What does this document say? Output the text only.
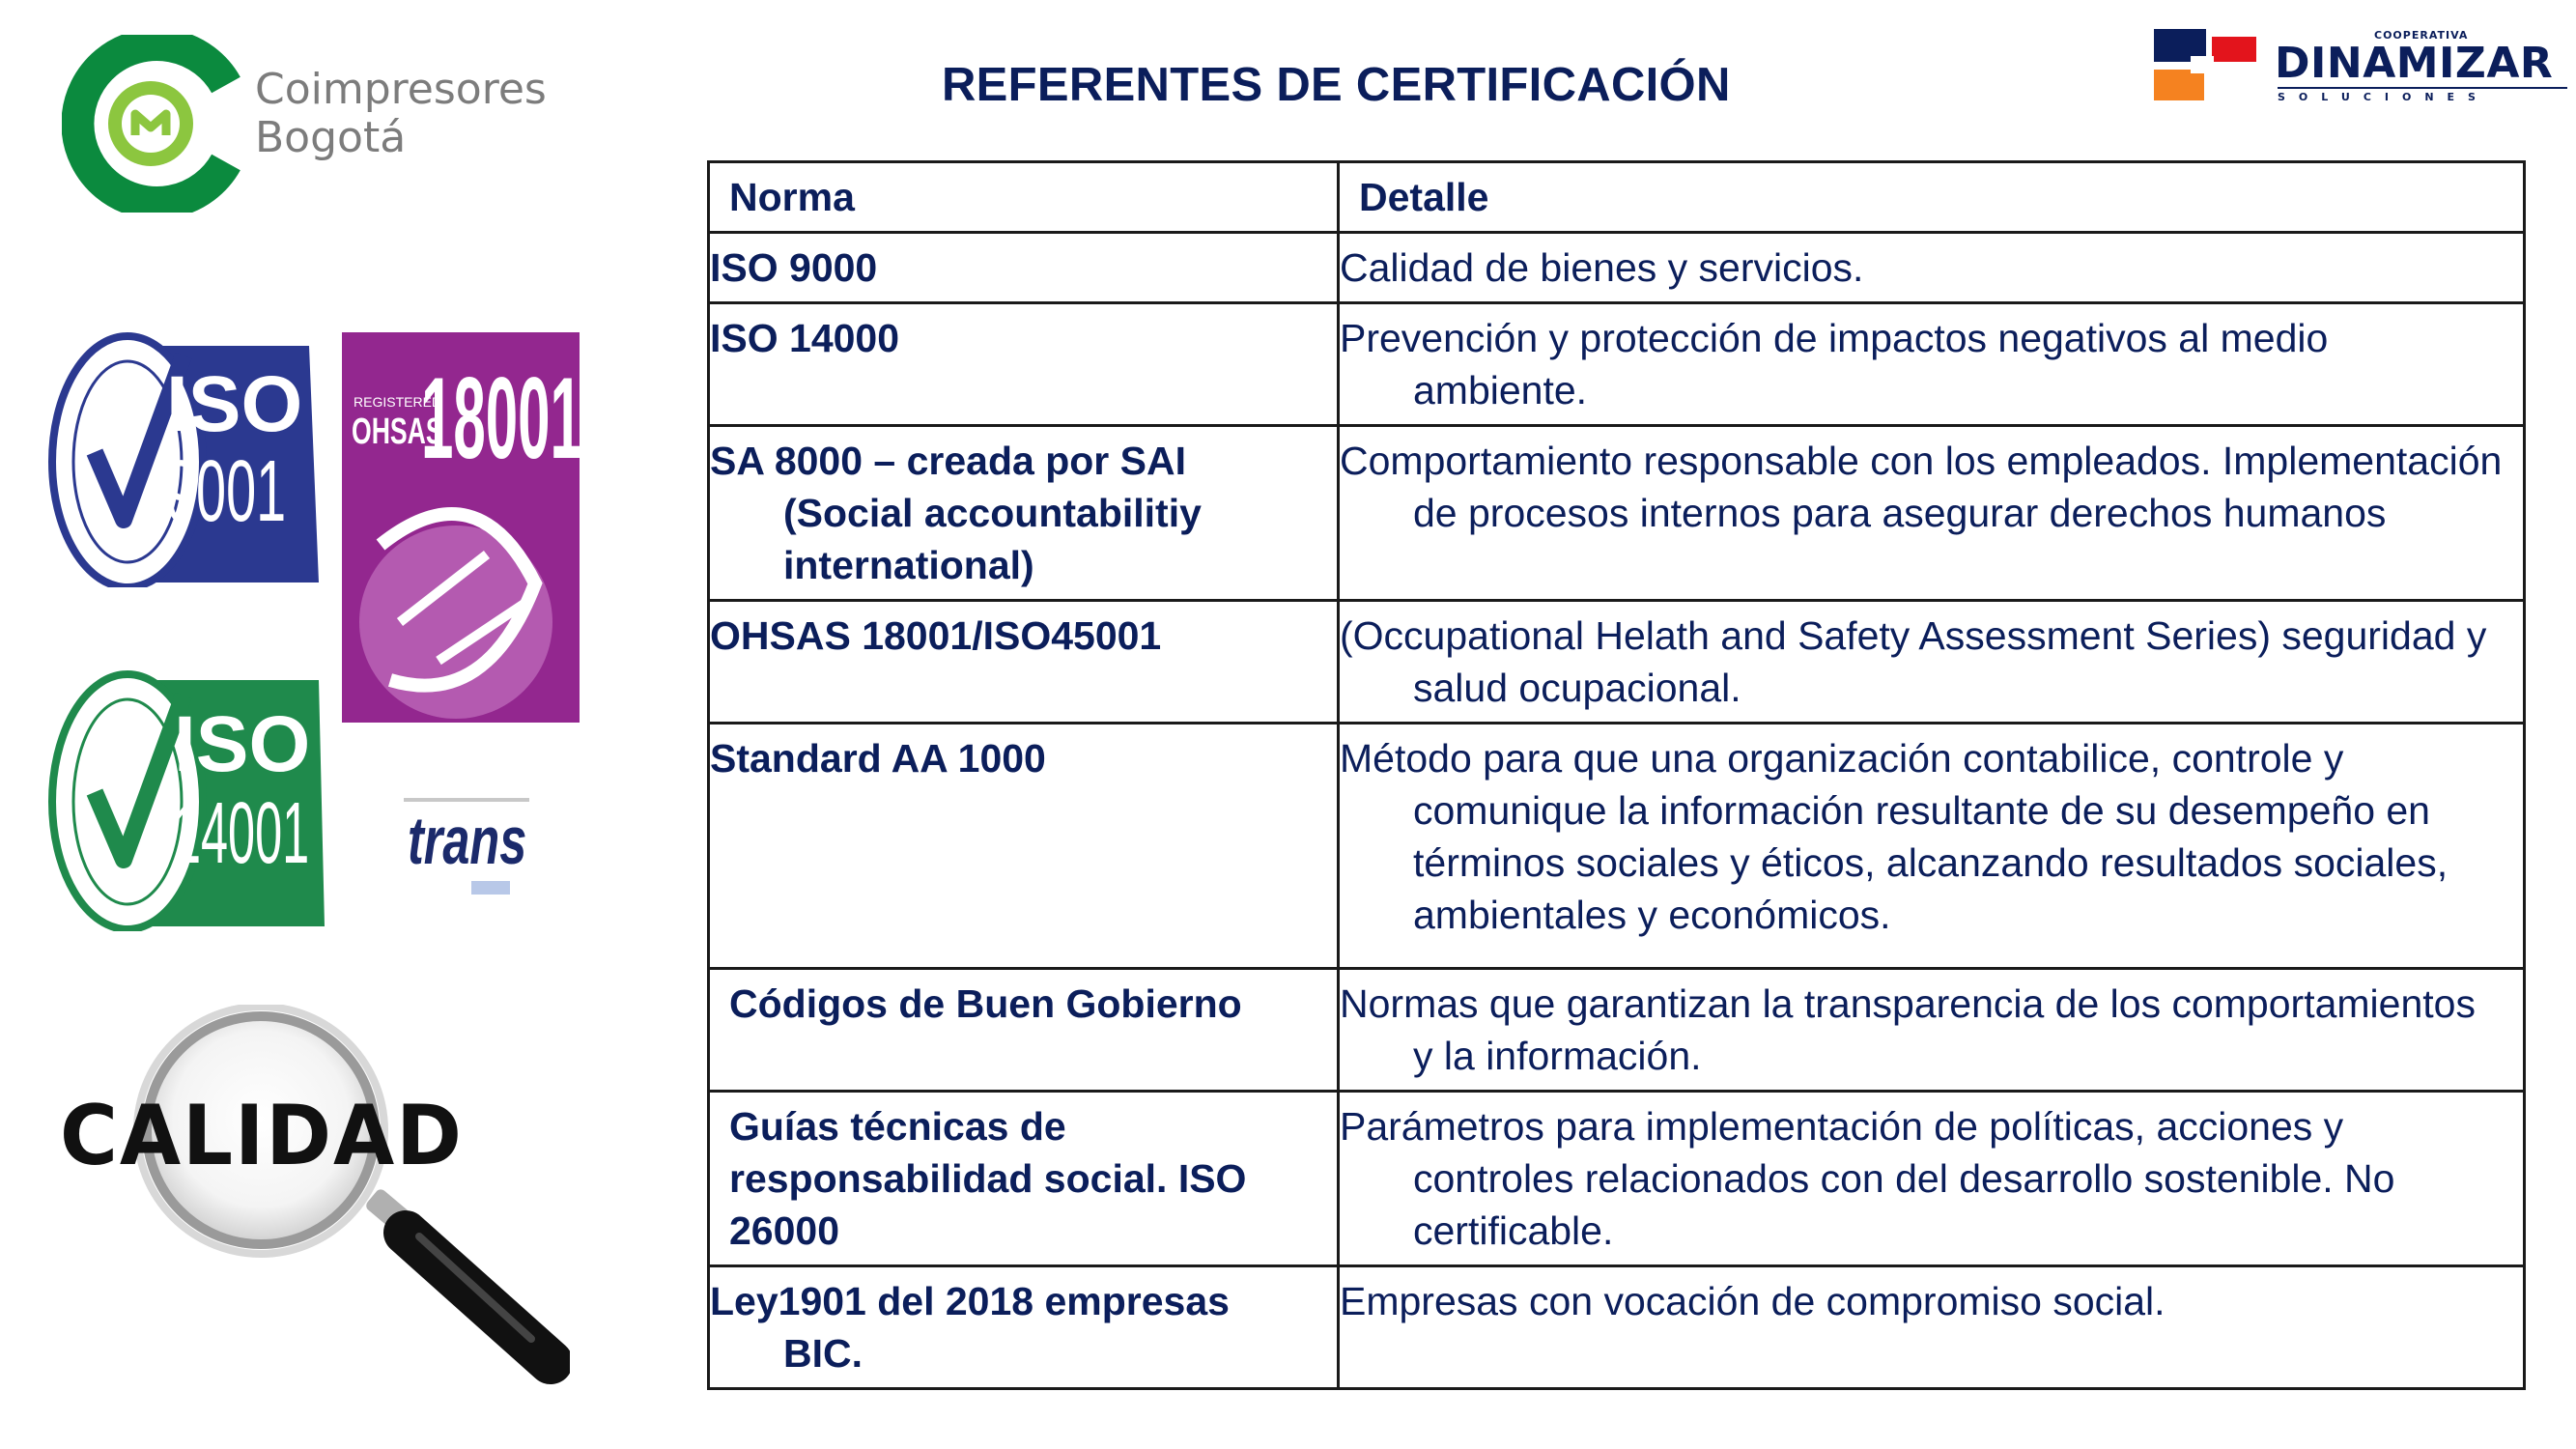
REFERENTES DE CERTIFICACIÓN
Coimpresores
Bogotá
COOPERATIVA
DINAMIZAR
SOLUCIONES
ISO
9001
REGISTERED
OHSAS
18001
ISO
14001 trans
CALIDAD
Norma	Detalle
ISO 9000	Calidad de bienes y servicios.
ISO 14000	Prevención y protección de impactos negativos al medio ambiente.
SA 8000 – creada por SAI (Social accountabilitiy international)	Comportamiento responsable con los empleados. Implementación de procesos internos para asegurar derechos humanos
OHSAS 18001/ISO45001	(Occupational Helath and Safety Assessment Series) seguridad y salud ocupacional.
Standard AA 1000	Método para que una organización contabilice, controle y comunique la información resultante de su desempeño en términos sociales y éticos, alcanzando resultados sociales, ambientales y económicos.
Códigos de Buen Gobierno	Normas que garantizan la transparencia de los comportamientos y la información.
Guías técnicas de responsabilidad social. ISO 26000	Parámetros para implementación de políticas, acciones y controles relacionados con del desarrollo sostenible. No certificable.
Ley1901 del 2018 empresas BIC.	Empresas con vocación de compromiso social.
